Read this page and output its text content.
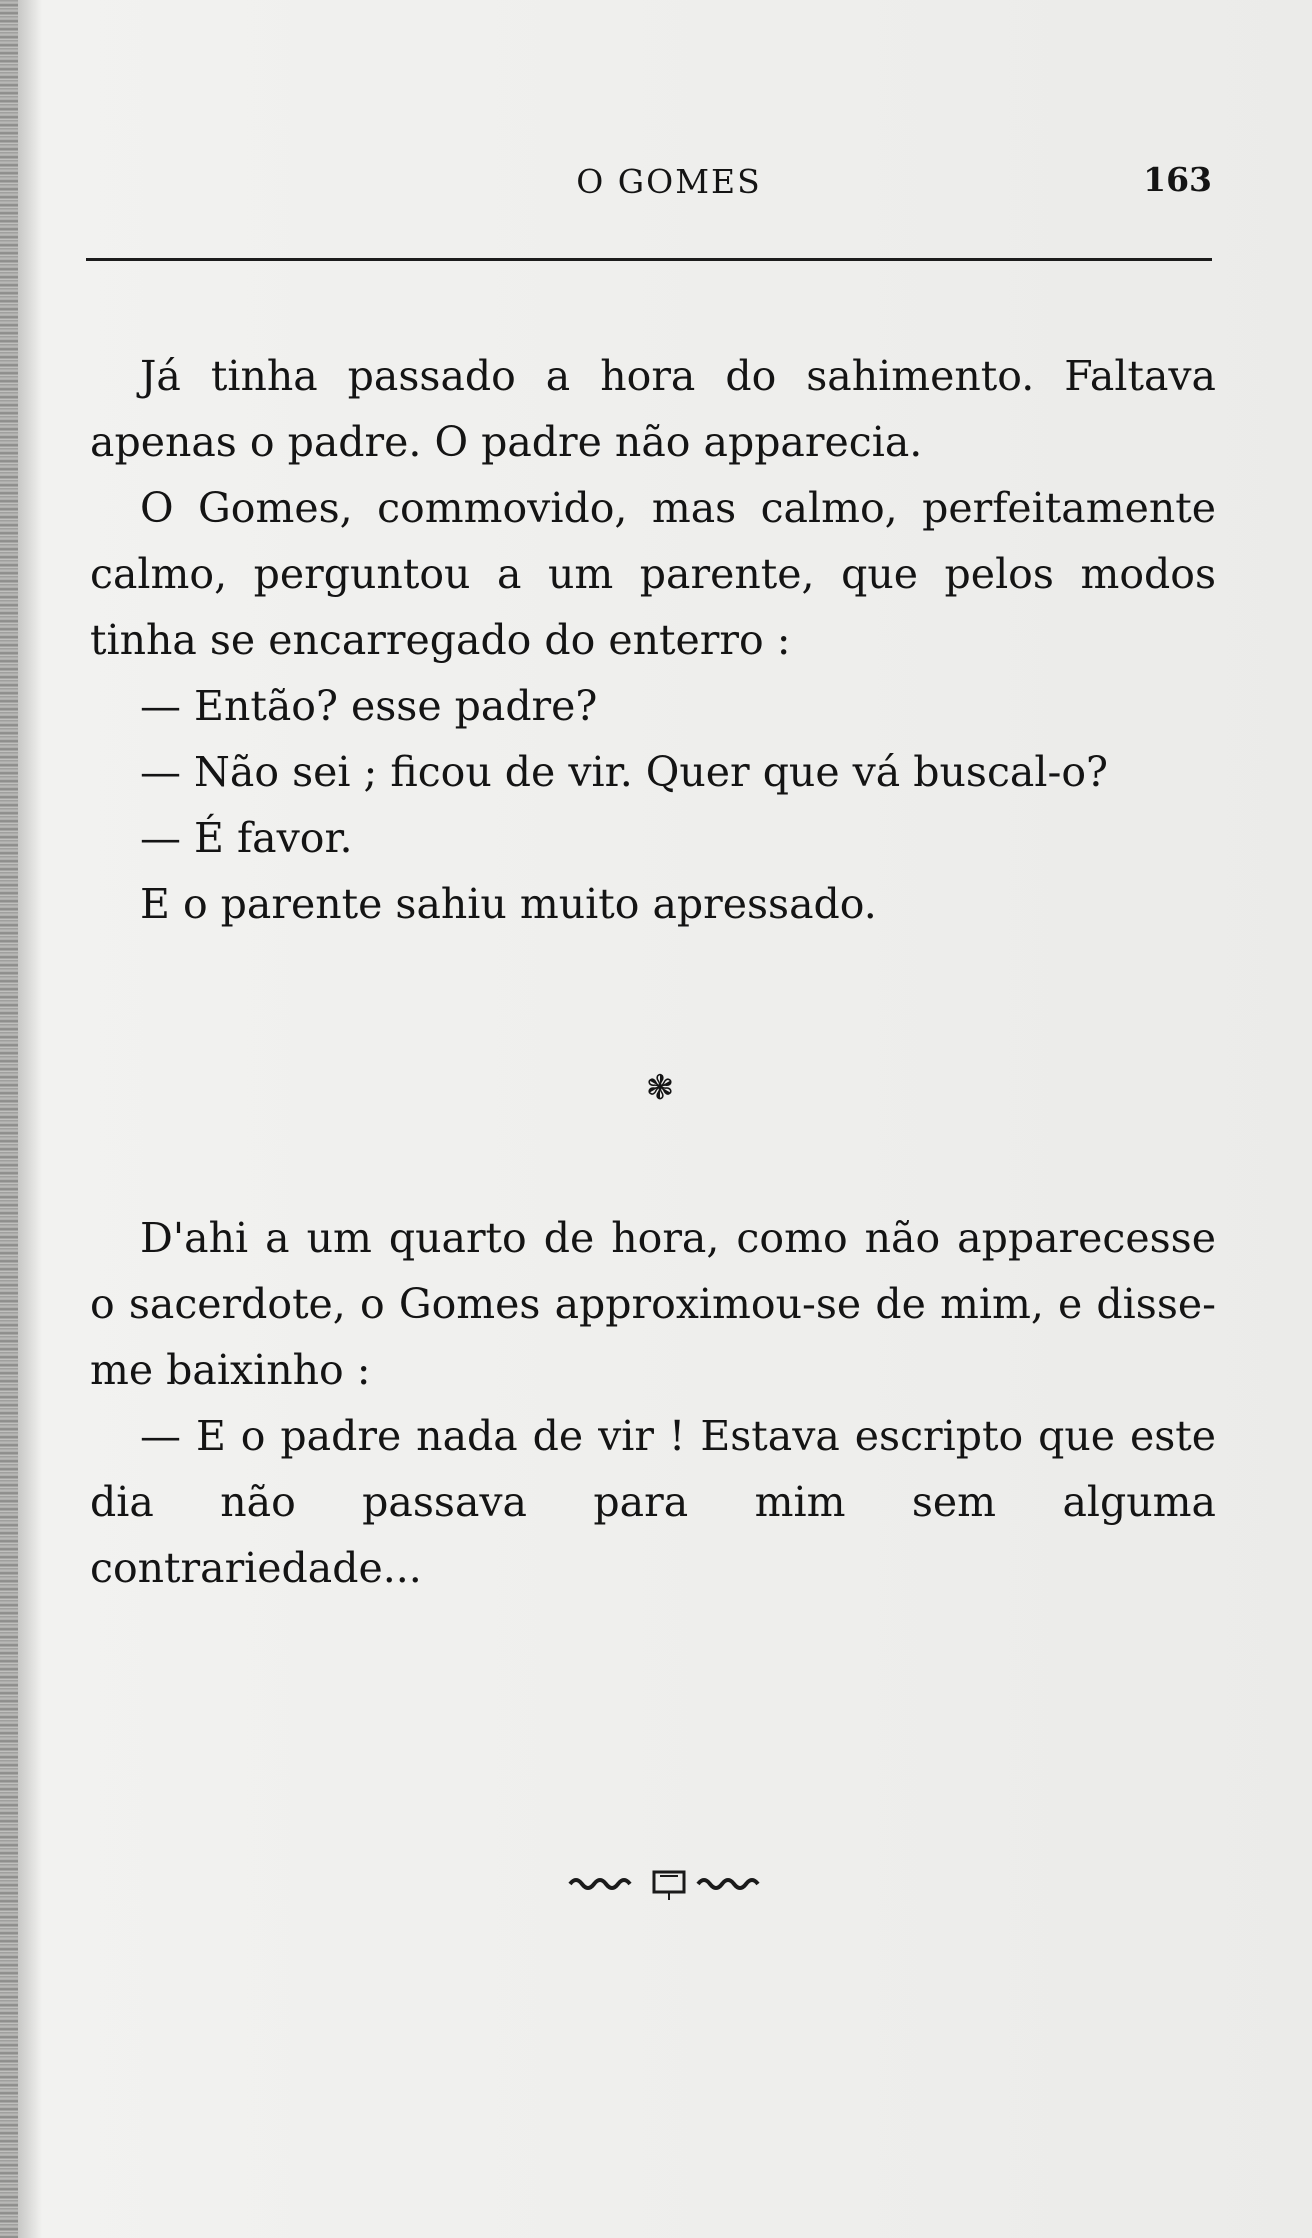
O GOMES	163

Já tinha passado a hora do sahimento. Faltava apenas o padre. O padre não apparecia.

O Gomes, commovido, mas calmo, perfeitamente calmo, perguntou a um parente, que pelos modos tinha se encarregado do enterro :

— Então? esse padre?

— Não sei ; ficou de vir. Quer que vá buscal-o?

— É favor.

E o parente sahiu muito apressado.

❃

D'ahi a um quarto de hora, como não apparecesse o sacerdote, o Gomes approximou-se de mim, e disse-me baixinho :

— E o padre nada de vir ! Estava escripto que este dia não passava para mim sem alguma contrariedade...
